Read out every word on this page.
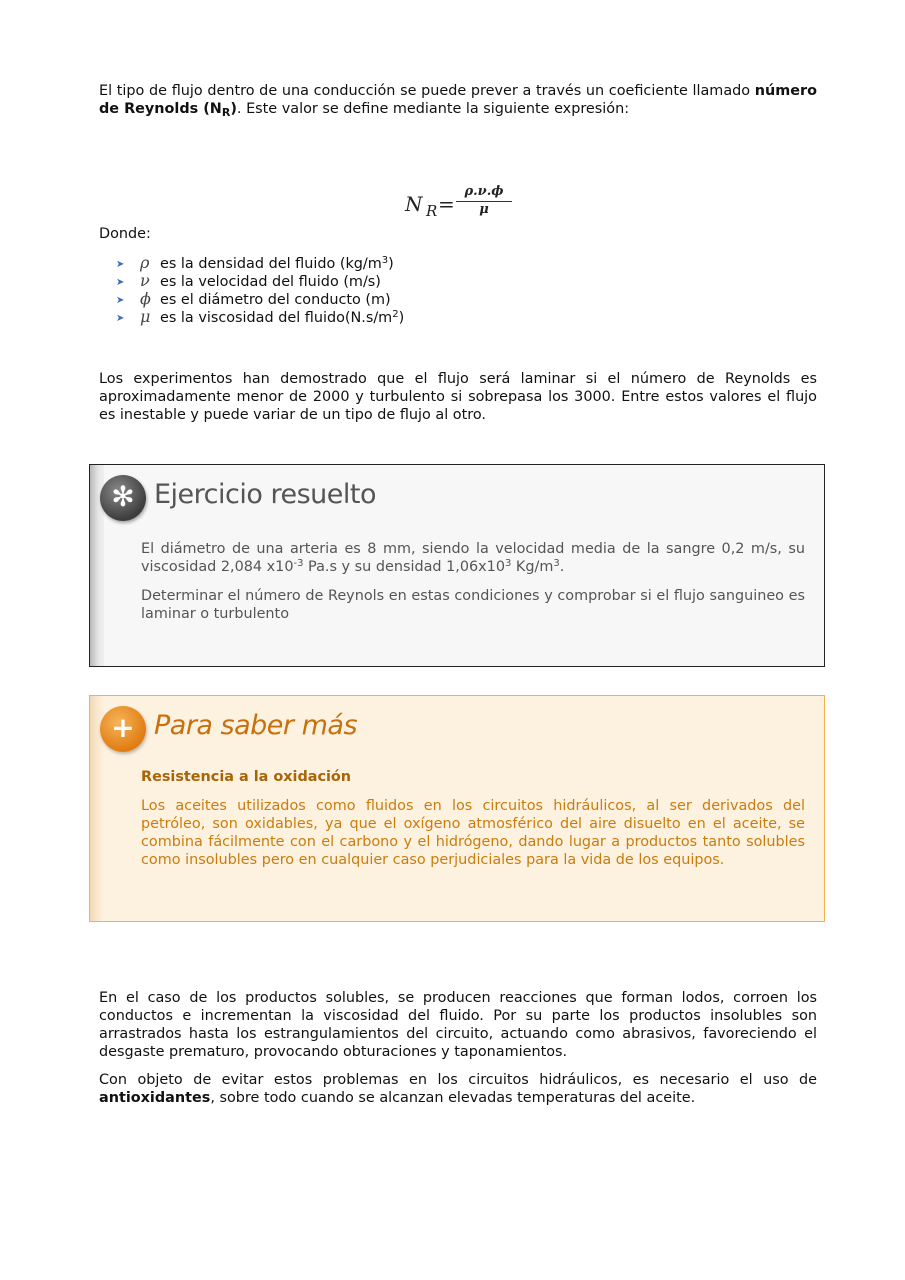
El tipo de flujo dentro de una conducción se puede prever a través un coeficiente llamado número de Reynolds $(N_R)$. Este valor se define mediante la siguiente expresión:

N R =
ρ.ν.ϕ
μ
Donde:
➤ ρ es la densidad del fluido $(kg/m^3)$
➤ ν es la velocidad del fluido (m/s)
➤ ϕ es el diámetro del conducto (m)
➤ μ es la viscosidad del $fluido(N.s/m^2)$

Los experimentos han demostrado que el flujo será laminar si el número de Reynolds es aproximadamente menor de 2000 y turbulento si sobrepasa los 3000. Entre estos valores el flujo es inestable y puede variar de un tipo de flujo al otro.

✻ Ejercicio resuelto

El diámetro de una arteria es 8 mm, siendo la velocidad media de la sangre 0,2 m/s, su viscosidad 2,084 $x10^{-3}$ Pa.s y su densidad $1,06x10^3$ $Kg/m^3$.

Determinar el número de Reynols en estas condiciones y comprobar si el flujo sanguineo es laminar o turbulento

+ Para saber más

Resistencia a la oxidación

Los aceites utilizados como fluidos en los circuitos hidráulicos, al ser derivados del petróleo, son oxidables, ya que el oxígeno atmosférico del aire disuelto en el aceite, se combina fácilmente con el carbono y el hidrógeno, dando lugar a productos tanto solubles como insolubles pero en cualquier caso perjudiciales para la vida de los equipos.

En el caso de los productos solubles, se producen reacciones que forman lodos, corroen los conductos e incrementan la viscosidad del fluido. Por su parte los productos insolubles son arrastrados hasta los estrangulamientos del circuito, actuando como abrasivos, favoreciendo el desgaste prematuro, provocando obturaciones y taponamientos.

Con objeto de evitar estos problemas en los circuitos hidráulicos, es necesario el uso de antioxidantes, sobre todo cuando se alcanzan elevadas temperaturas del aceite.
